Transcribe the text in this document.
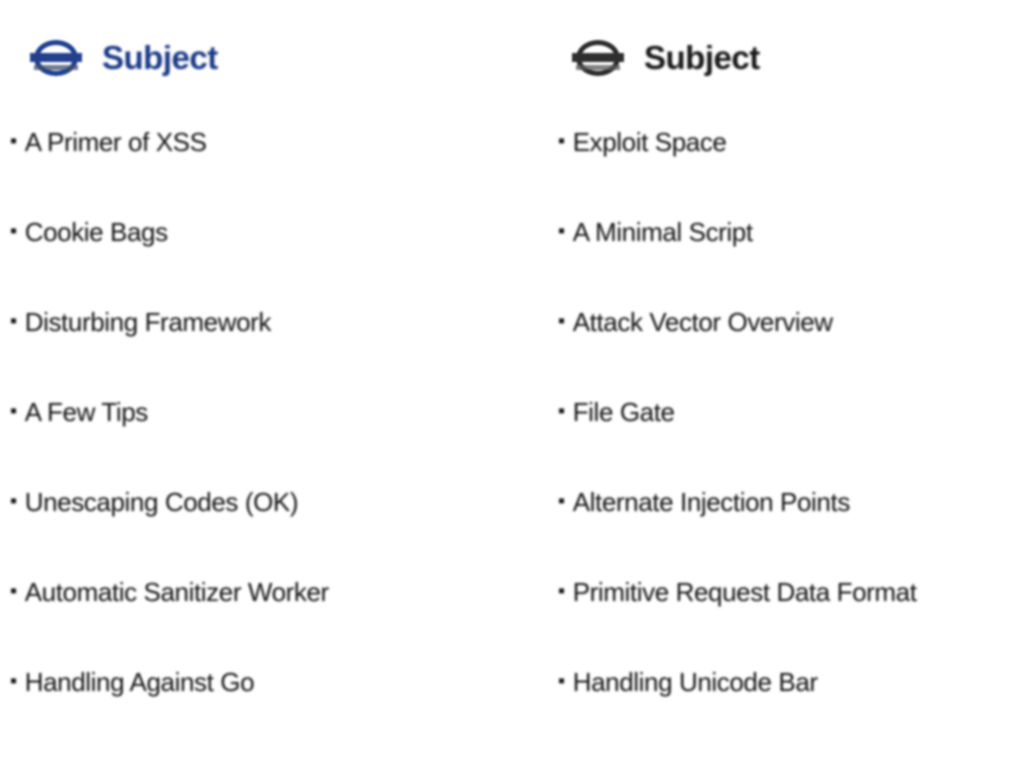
Subject
▪ A Primer of XSS
▪ Cookie Bags
▪ Disturbing Framework
▪ A Few Tips
▪ Unescaping Codes (OK)
▪ Automatic Sanitizer Worker
▪ Handling Against Go
Subject
▪ Exploit Space
▪ A Minimal Script
▪ Attack Vector Overview
▪ File Gate
▪ Alternate Injection Points
▪ Primitive Request Data Format
▪ Handling Unicode Bar
